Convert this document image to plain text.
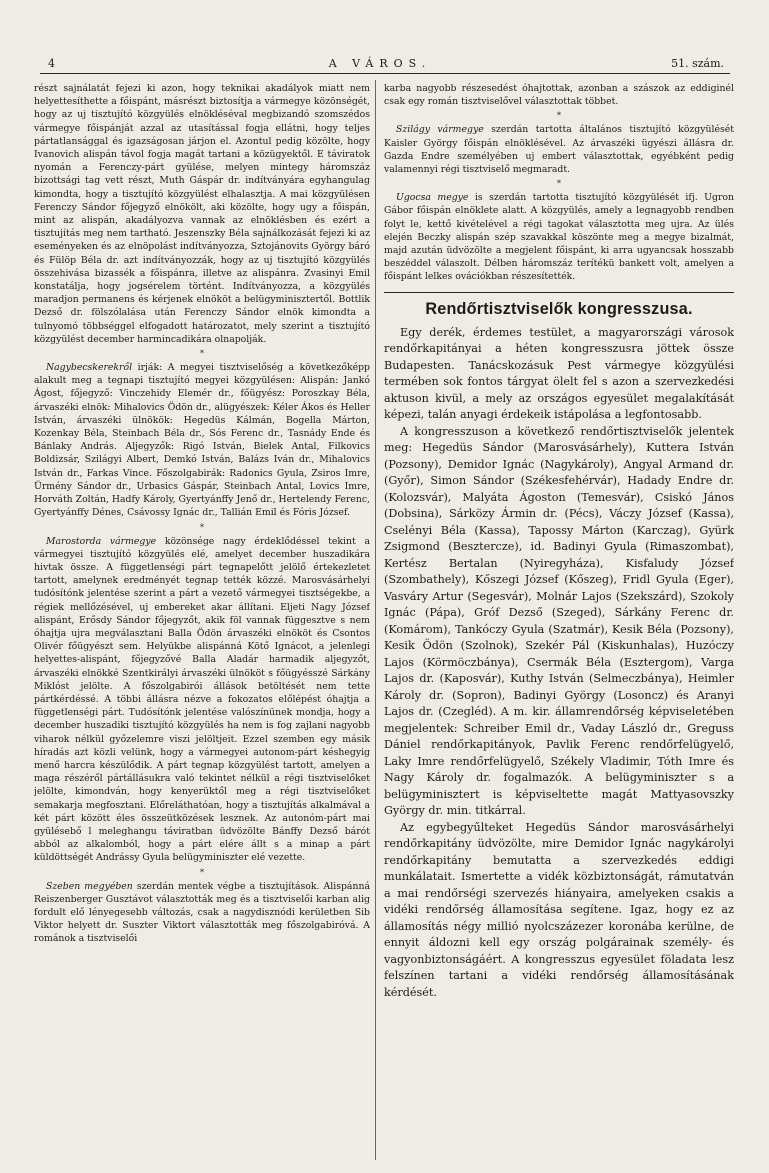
4	A VÁROS.	51. szám.

részt sajnálatát fejezi ki azon, hogy teknikai akadályok miatt nem helyettesíthette a főispánt, másrészt biztosítja a vármegye közönségét, hogy az uj tisztujító közgyülés elnökléséval megbizandó szomszédos vármegye főispánját azzal az utasítással fogja ellátni, hogy teljes pártatlansággal és igazságosan járjon el. Azontul pedig közölte, hogy Ivanovich alispán távol fogja magát tartani a közügyektől. E táviratok nyomán a Ferenczy-párt gyülése, melyen mintegy háromszáz bizottsági tag vett részt, Muth Gáspár dr. indítványára egyhangulag kimondta, hogy a tisztujító közgyülést elhalasztja. A mai közgyülésen Ferenczy Sándor főjegyző elnökölt, aki közölte, hogy ugy a főispán, mint az alispán, akadályozva vannak az elnöklésben és ezért a tisztujítás meg nem tartható. Jeszenszky Béla sajnálkozását fejezi ki az eseményeken és az elnöpolást indítványozza, Sztojánovits György báró és Fülöp Béla dr. azt indítványozzák, hogy az uj tisztujító közgyülés összehivása bizassék a főispánra, illetve az alispánra. Zvasinyi Emil konstatálja, hogy jogsérelem történt. Indítványozza, a közgyülés maradjon permanens és kérjenek elnököt a belügyminisztertől. Bottlik Dezső dr. fölszólalása után Ferenczy Sándor elnök kimondta a tulnyomó többséggel elfogadott határozatot, mely szerint a tisztujító közgyülést december harmincadikára olnapolják.

*

Nagybecskerekről irják: A megyei tisztviselőség a következőképp alakult meg a tegnapi tisztujító megyei közgyülésen: Alispán: Jankó Ágost, főjegyző: Vinczehidy Elemér dr., főügyész: Poroszkay Béla, árvaszéki elnök: Mihalovics Ödön dr., alügyészek: Kéler Ákos és Heller István, árvaszéki ülnökök: Hegedüs Kálmán, Bogella Márton, Kozenkay Béla, Steinbach Béla dr., Sós Ferenc dr., Tasnády Ende és Bánlaky András. Aljegyzők: Rigó István, Bielek Antal, Filkovics Boldizsár, Szilágyi Albert, Demkó István, Balázs Iván dr., Mihalovics István dr., Farkas Vince. Főszolgabirák: Radonics Gyula, Zsiros Imre, Ürmény Sándor dr., Urbasics Gáspár, Steinbach Antal, Lovics Imre, Horváth Zoltán, Hadfy Károly, Gyertyánffy Jenő dr., Hertelendy Ferenc, Gyertyánffy Dénes, Csávossy Ignác dr., Tallián Emil és Fóris József.

*

Marostorda vármegye közönsége nagy érdeklődéssel tekint a vármegyei tisztujító közgyülés elé, amelyet december huszadikára hivtak össze. A függetlenségi párt tegnapelőtt jelölő értekezletet tartott, amelynek eredményét tegnap tették közzé. Marosvásárhelyi tudósítónk jelentése szerint a párt a vezető vármegyei tisztségekbe, a régiek mellőzésével, uj embereket akar állítani. Eljeti Nagy József alispánt, Erősdy Sándor főjegyzőt, akik föl vannak függesztve s nem óhajtja ujra megválasztani Balla Ödön árvaszéki elnököt és Csontos Olivér főügyészt sem. Helyükbe alispánná Kötő Ignácot, a jelenlegi helyettes-alispánt, főjegyzővé Balla Aladár harmadik aljegyzőt, árvaszéki elnökké Szentkirályi árvaszéki ülnököt s főügyésszé Sárkány Miklóst jelölte. A főszolgabirói állások betöltését nem tette pártkérdéssé. A többi állásra nézve a fokozatos előlépést óhajtja a függetlenségi párt. Tudósítónk jelentése valószínünek mondja, hogy a december huszadiki tisztujító közgyülés ha nem is fog zajlani nagyobb viharok nélkül győzelemre viszi jelöltjeit. Ezzel szemben egy másik híradás azt közli velünk, hogy a vármegyei autonom-párt késhegyig menő harcra készülődik. A párt tegnap közgyülést tartott, amelyen a maga részéről pártállásukra való tekintet nélkül a régi tisztviselőket jelölte, kimondván, hogy kenyerüktől meg a régi tisztviselőket semakarja megfosztani. Előreláthatóan, hogy a tisztujítás alkalmával a két párt között éles összeütközések lesznek. Az autonóm-párt mai gyülésebő l meleghangu táviratban üdvözölte Bánffy Dezső bárót abból az alkalomból, hogy a párt elére állt s a minap a párt küldöttségét Andrássy Gyula belügyminiszter elé vezette.

*

Szeben megyében szerdán mentek végbe a tisztujítások. Alispánná Reiszenberger Gusztávot választották meg és a tisztviselői karban alig fordult elő lényegesebb változás, csak a nagydisznódi kerületben Sib Viktor helyett dr. Suszter Viktort választották meg főszolgabiróvá. A románok a tisztviselői

karba nagyobb részesedést óhajtottak, azonban a szászok az eddiginél csak egy román tisztviselővel választottak többet.

*

Szilágy vármegye szerdán tartotta általános tisztujító közgyülését Kaisler György főispán elnöklésével. Az árvaszéki ügyészi állásra dr. Gazda Endre személyében uj embert választottak, egyébként pedig valamennyi régi tisztviselő megmaradt.

*

Ugocsa megye is szerdán tartotta tisztujító közgyülését ifj. Ugron Gábor főispán elnöklete alatt. A közgyülés, amely a legnagyobb rendben folyt le, kettő kivételével a régi tagokat választotta meg ujra. Az ülés elején Beczky alispán szép szavakkal köszönte meg a megye bizalmát, majd azután üdvözölte a megjelent főispánt, ki arra ugyancsak hosszabb beszéddel válaszolt. Délben háromszáz terítékü bankett volt, amelyen a főispánt lelkes ovációkban részesítették.

Rendőrtisztviselők kongresszusa.

Egy derék, érdemes testület, a magyarországi városok rendőrkapitányai a héten kongresszusra jöttek össze Budapesten. Tanácskozásuk Pest vármegye közgyülési termében sok fontos tárgyat ölelt fel s azon a szervezkedési aktuson kivül, a mely az országos egyesület megalakítását képezi, talán anyagi érdekeik istápolása a legfontosabb.

A kongresszuson a következő rendőrtisztviselők jelentek meg: Hegedüs Sándor (Marosvásárhely), Kuttera István (Pozsony), Demidor Ignác (Nagykároly), Angyal Armand dr. (Győr), Simon Sándor (Székesfehérvár), Hadady Endre dr. (Kolozsvár), Malyáta Ágoston (Temesvár), Csiskó János (Dobsina), Sárközy Ármin dr. (Pécs), Váczy József (Kassa), Cselényi Béla (Kassa), Tapossy Márton (Karczag), Gyürk Zsigmond (Beszterczе), id. Badinyi Gyula (Rimaszombat), Kertész Bertalan (Nyiregyháza), Kisfaludy József (Szombathely), Kőszegi József (Kőszeg), Fridl Gyula (Eger), Vasváry Artur (Segesvár), Molnár Lajos (Szekszárd), Szokoly Ignác (Pápa), Gróf Dezső (Szeged), Sárkány Ferenc dr. (Komárom), Tankóczy Gyula (Szatmár), Kesik Béla (Pozsony), Kesik Ödön (Szolnok), Szekér Pál (Kiskunhalas), Huzóczy Lajos (Körmöczbánya), Csermák Béla (Esztergom), Varga Lajos dr. (Kaposvár), Kuthy István (Selmeczbánya), Heimler Károly dr. (Sopron), Badinyi György (Losoncz) és Aranyi Lajos dr. (Czegléd). A m. kir. államrendőrség képviseletében megjelentek: Schreiber Emil dr., Vaday László dr., Greguss Dániel rendőrkapitányok, Pavlik Ferenc rendőrfelügyelő, Laky Imre rendőrfelügyelő, Székely Vladimir, Tóth Imre és Nagy Károly dr. fogalmazók. A belügyminiszter s a belügyminisztert is képviseltette magát Mattyasovszky György dr. min. titkárral.

Az egybegyűlteket Hegedüs Sándor marosvásárhelyi rendőrkapitány üdvözölte, mire Demidor Ignác nagykárolyi rendőrkapitány bemutatta a szervezkedés eddigi munkálatait. Ismertette a vidék közbiztonságát, rámutatván a mai rendőrségi szervezés hiányaira, amelyeken csakis a vidéki rendőrség államosítása segítene. Igaz, hogy ez az államosítás négy millió nyolcszázezer koronába kerülne, de ennyit áldozni kell egy ország polgárainak személy- és vagyonbiztonságáért. A kongresszus egyesület föladata lesz felszínen tartani a vidéki rendőrség államosításának kérdését.
